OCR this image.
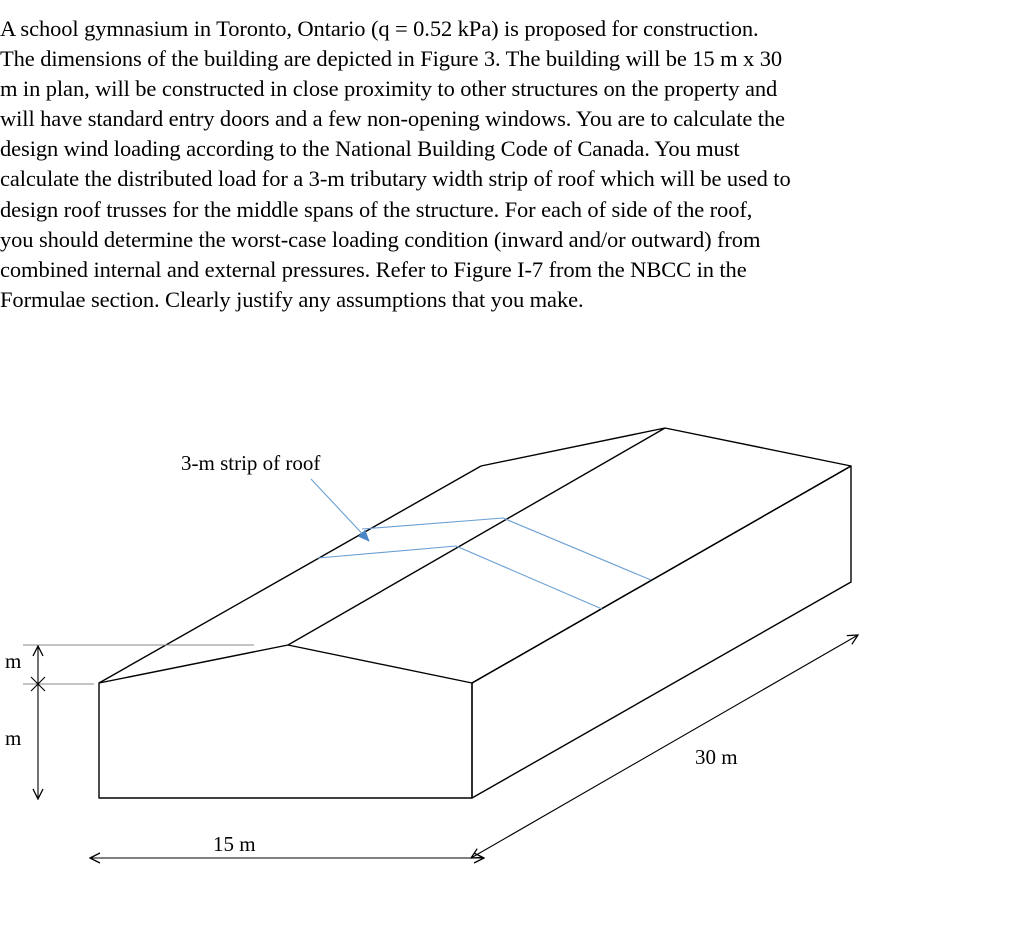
A school gymnasium in Toronto, Ontario (q = 0.52 kPa) is proposed for construction.
The dimensions of the building are depicted in Figure 3. The building will be 15 m x 30
m in plan, will be constructed in close proximity to other structures on the property and
will have standard entry doors and a few non-opening windows. You are to calculate the
design wind loading according to the National Building Code of Canada. You must
calculate the distributed load for a 3-m tributary width strip of roof which will be used to
design roof trusses for the middle spans of the structure. For each of side of the roof,
you should determine the worst-case loading condition (inward and/or outward) from
combined internal and external pressures. Refer to Figure I-7 from the NBCC in the
Formulae section. Clearly justify any assumptions that you make.
3-m strip of roof
m
m
15 m
30 m
